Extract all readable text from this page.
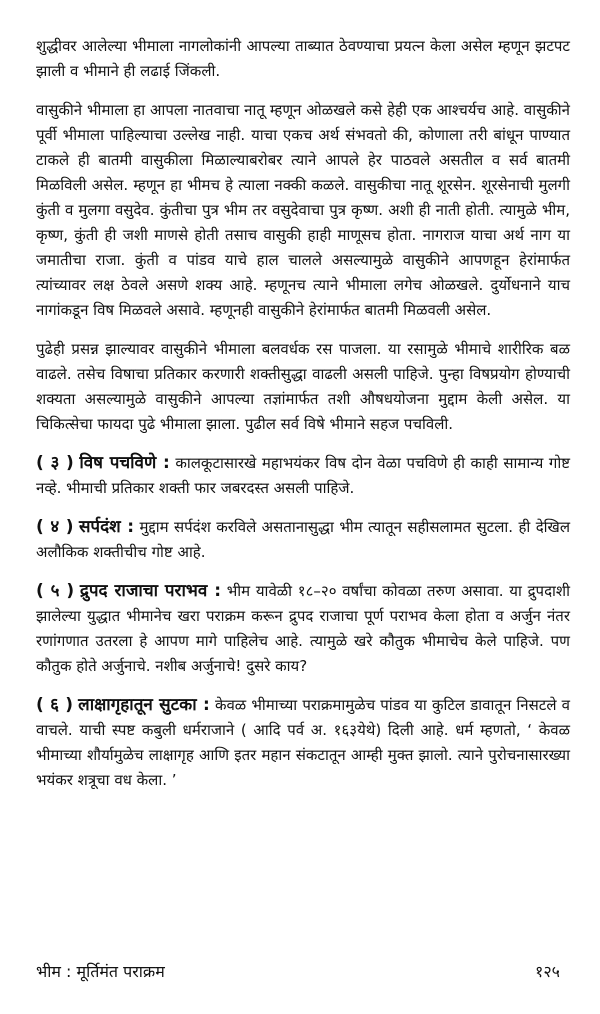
शुद्धीवर आलेल्या भीमाला नागलोकांनी आपल्या ताब्यात ठेवण्याचा प्रयत्न केला असेल म्हणून झटपट झाली व भीमाने ही लढाई जिंकली.

वासुकीने भीमाला हा आपला नातवाचा नातू म्हणून ओळखले कसे हेही एक आश्चर्यच आहे. वासुकीने पूर्वी भीमाला पाहिल्याचा उल्लेख नाही. याचा एकच अर्थ संभवतो की, कोणाला तरी बांधून पाण्यात टाकले ही बातमी वासुकीला मिळाल्याबरोबर त्याने आपले हेर पाठवले असतील व सर्व बातमी मिळविली असेल. म्हणून हा भीमच हे त्याला नक्की कळले. वासुकीचा नातू शूरसेन. शूरसेनाची मुलगी कुंती व मुलगा वसुदेव. कुंतीचा पुत्र भीम तर वसुदेवाचा पुत्र कृष्ण. अशी ही नाती होती. त्यामुळे भीम, कृष्ण, कुंती ही जशी माणसे होती तसाच वासुकी हाही माणूसच होता. नागराज याचा अर्थ नाग या जमातीचा राजा. कुंती व पांडव याचे हाल चालले असल्यामुळे वासुकीने आपणहून हेरांमार्फत त्यांच्यावर लक्ष ठेवले असणे शक्य आहे. म्हणूनच त्याने भीमाला लगेच ओळखले. दुर्योधनाने याच नागांकडून विष मिळवले असावे. म्हणूनही वासुकीने हेरांमार्फत बातमी मिळवली असेल.

पुढेही प्रसन्न झाल्यावर वासुकीने भीमाला बलवर्धक रस पाजला. या रसामुळे भीमाचे शारीरिक बळ वाढले. तसेच विषाचा प्रतिकार करणारी शक्तीसुद्धा वाढली असली पाहिजे. पुन्हा विषप्रयोग होण्याची शक्यता असल्यामुळे वासुकीने आपल्या तज्ञांमार्फत तशी औषधयोजना मुद्दाम केली असेल. या चिकित्सेचा फायदा पुढे भीमाला झाला. पुढील सर्व विषे भीमाने सहज पचविली.

( ३ ) विष पचविणे : कालकूटासारखे महाभयंकर विष दोन वेळा पचविणे ही काही सामान्य गोष्ट नव्हे. भीमाची प्रतिकार शक्ती फार जबरदस्त असली पाहिजे.

( ४ ) सर्पदंश : मुद्दाम सर्पदंश करविले असतानासुद्धा भीम त्यातून सहीसलामत सुटला. ही देखिल अलौकिक शक्तीचीच गोष्ट आहे.

( ५ ) द्रुपद राजाचा पराभव : भीम यावेळी १८–२० वर्षांचा कोवळा तरुण असावा. या द्रुपदाशी झालेल्या युद्धात भीमानेच खरा पराक्रम करून द्रुपद राजाचा पूर्ण पराभव केला होता व अर्जुन नंतर रणांगणात उतरला हे आपण मागे पाहिलेच आहे. त्यामुळे खरे कौतुक भीमाचेच केले पाहिजे. पण कौतुक होते अर्जुनाचे. नशीब अर्जुनाचे! दुसरे काय?

( ६ ) लाक्षागृहातून सुटका : केवळ भीमाच्या पराक्रमामुळेच पांडव या कुटिल डावातून निसटले व वाचले. याची स्पष्ट कबुली धर्मराजाने ( आदि पर्व अ. १६३येथे) दिली आहे. धर्म म्हणतो, ‘ केवळ भीमाच्या शौर्यामुळेच लाक्षागृह आणि इतर महान संकटातून आम्ही मुक्त झालो. त्याने पुरोचनासारख्या भयंकर शत्रूचा वध केला. ’

भीम : मूर्तिमंत पराक्रम	१२५
